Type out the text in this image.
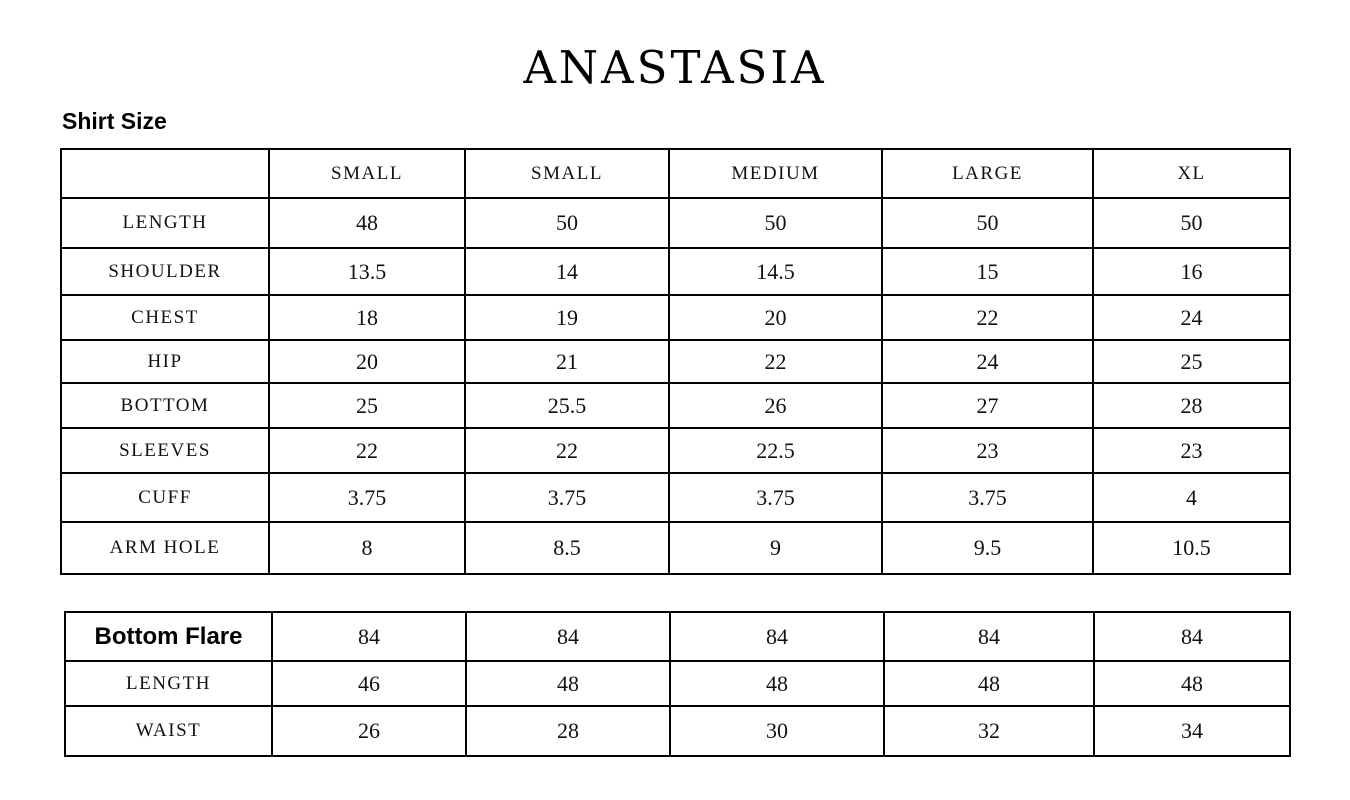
ANASTASIA
Shirt Size
	SMALL	SMALL	MEDIUM	LARGE	XL
LENGTH	48	50	50	50	50
SHOULDER	13.5	14	14.5	15	16
CHEST	18	19	20	22	24
HIP	20	21	22	24	25
BOTTOM	25	25.5	26	27	28
SLEEVES	22	22	22.5	23	23
CUFF	3.75	3.75	3.75	3.75	4
ARM HOLE	8	8.5	9	9.5	10.5
Bottom Flare	84	84	84	84	84
LENGTH	46	48	48	48	48
WAIST	26	28	30	32	34
